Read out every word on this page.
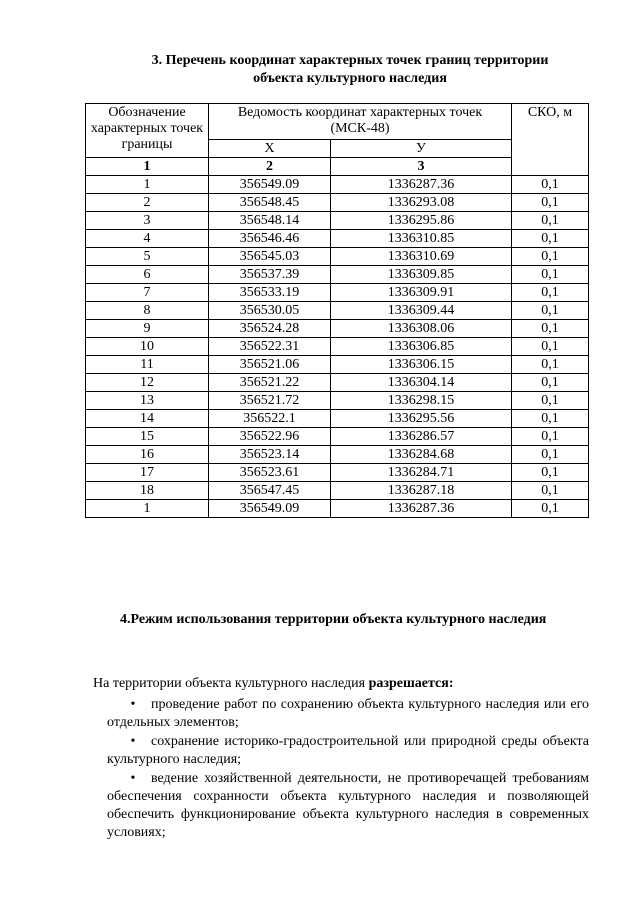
3. Перечень координат характерных точек границ территории
объекта культурного наследия
Обозначение характерных точек границы	Ведомость координат характерных точек (МСК-48)		СКО, м

	Х	У	
1	2	3	
1	356549.09	1336287.36	0,1
2	356548.45	1336293.08	0,1
3	356548.14	1336295.86	0,1
4	356546.46	1336310.85	0,1
5	356545.03	1336310.69	0,1
6	356537.39	1336309.85	0,1
7	356533.19	1336309.91	0,1
8	356530.05	1336309.44	0,1
9	356524.28	1336308.06	0,1
10	356522.31	1336306.85	0,1
11	356521.06	1336306.15	0,1
12	356521.22	1336304.14	0,1
13	356521.72	1336298.15	0,1
14	356522.1	1336295.56	0,1
15	356522.96	1336286.57	0,1
16	356523.14	1336284.68	0,1
17	356523.61	1336284.71	0,1
18	356547.45	1336287.18	0,1
1	356549.09	1336287.36	0,1
4.Режим использования территории объекта культурного наследия
На территории объекта культурного наследия разрешается:
• проведение работ по сохранению объекта культурного наследия или его отдельных элементов;
• сохранение историко-градостроительной или природной среды объекта культурного наследия;
• ведение хозяйственной деятельности, не противоречащей требованиям обеспечения сохранности объекта культурного наследия и позволяющей обеспечить функционирование объекта культурного наследия в современных условиях;
